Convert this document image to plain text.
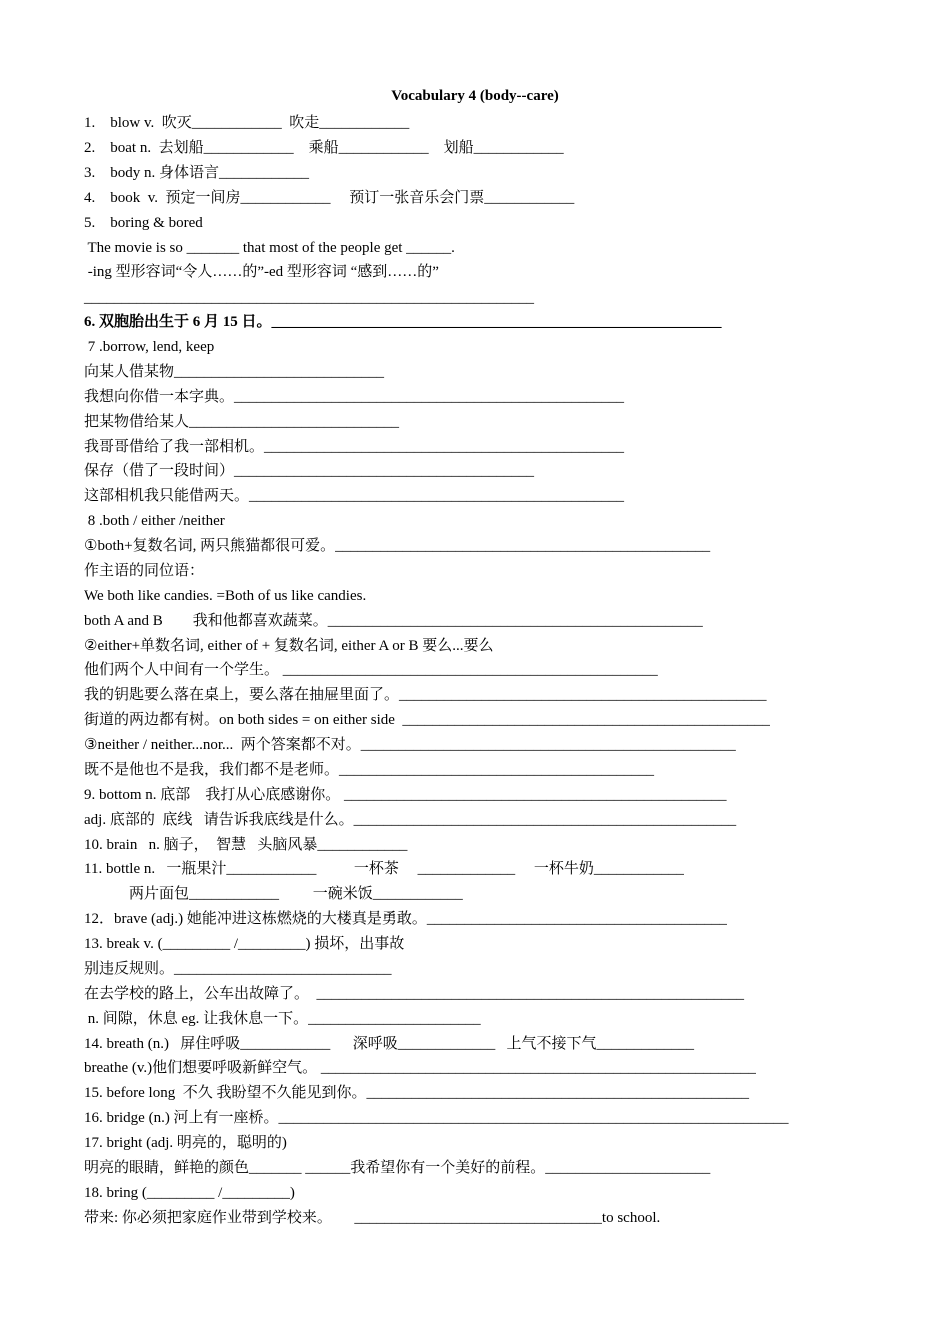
Vocabulary 4 (body--care)
1.    blow v.  吹灭____________  吹走____________
2.    boat n.  去划船____________    乘船____________    划船____________
3.    body n. 身体语言____________
4.    book  v.  预定一间房____________     预订一张音乐会门票____________
5.    boring & bored
The movie is so _______ that most of the people get ______.
-ing 型形容词“令人……的”-ed 型形容词 “感到……的”
____________________________________________________________
6. 双胞胎出生于 6 月 15 日。____________________________________________________________
7 .borrow, lend, keep
向某人借某物____________________________
我想向你借一本字典。____________________________________________________
把某物借给某人____________________________
我哥哥借给了我一部相机。________________________________________________
保存（借了一段时间）________________________________________
这部相机我只能借两天。__________________________________________________
8 .both / either /neither
①both+复数名词, 两只熊猫都很可爱。__________________________________________________
作主语的同位语：
We both like candies. =Both of us like candies.
both A and B        我和他都喜欢蔬菜。__________________________________________________
②either+单数名词, either of + 复数名词, either A or B 要么...要么
他们两个人中间有一个学生。 __________________________________________________
我的钥匙要么落在桌上，要么落在抽屉里面了。_________________________________________________
街道的两边都有树。on both sides = on either side  _________________________________________________
③neither / neither...nor...  两个答案都不对。__________________________________________________
既不是他也不是我，我们都不是老师。__________________________________________
9. bottom n. 底部    我打从心底感谢你。 ___________________________________________________
adj. 底部的  底线   请告诉我底线是什么。___________________________________________________
10. brain   n. 脑子，  智慧   头脑风暴____________
11. bottle n.   一瓶果汁____________          一杯茶     _____________     一杯牛奶____________
两片面包____________         一碗米饭____________
12．brave (adj.) 她能冲进这栋燃烧的大楼真是勇敢。________________________________________
13. break v. (_________ /_________) 损坏，出事故
别违反规则。_____________________________
在去学校的路上，公车出故障了。  _________________________________________________________
n. 间隙，休息 eg. 让我休息一下。_______________________
14. breath (n.)   屏住呼吸____________      深呼吸_____________   上气不接下气_____________
breathe (v.)他们想要呼吸新鲜空气。 __________________________________________________________
15. before long  不久 我盼望不久能见到你。___________________________________________________
16. bridge (n.) 河上有一座桥。____________________________________________________________________
17. bright (adj. 明亮的，聪明的)
明亮的眼睛，鲜艳的颜色_______ ______我希望你有一个美好的前程。______________________
18. bring (_________ /_________)
带来: 你必须把家庭作业带到学校来。      _________________________________to school.
